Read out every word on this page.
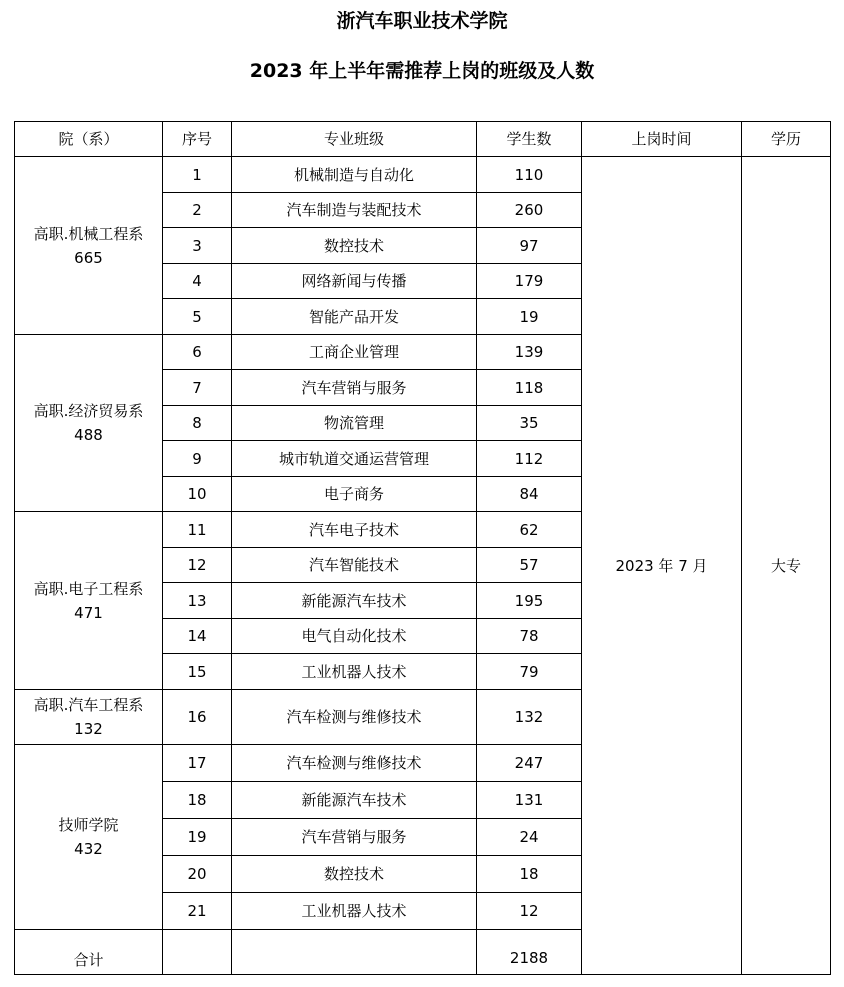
浙汽车职业技术学院
2023 年上半年需推荐上岗的班级及人数
院（系）	序号	专业班级	学生数	上岗时间	学历

高职.机械工程系
665	1	机械制造与自动化	110	2023 年 7 月	大专
	2	汽车制造与装配技术	260		
	3	数控技术	97		
	4	网络新闻与传播	179		
	5	智能产品开发	19		

高职.经济贸易系
488	6	工商企业管理	139		
	7	汽车营销与服务	118		
	8	物流管理	35		
	9	城市轨道交通运营管理	112		
	10	电子商务	84		

高职.电子工程系
471	11	汽车电子技术	62		
	12	汽车智能技术	57		
	13	新能源汽车技术	195		
	14	电气自动化技术	78		
	15	工业机器人技术	79		

高职.汽车工程系
132	16	汽车检测与维修技术	132		

技师学院
432	17	汽车检测与维修技术	247		
	18	新能源汽车技术	131		
	19	汽车营销与服务	24		
	20	数控技术	18		
	21	工业机器人技术	12		
合计			2188		
